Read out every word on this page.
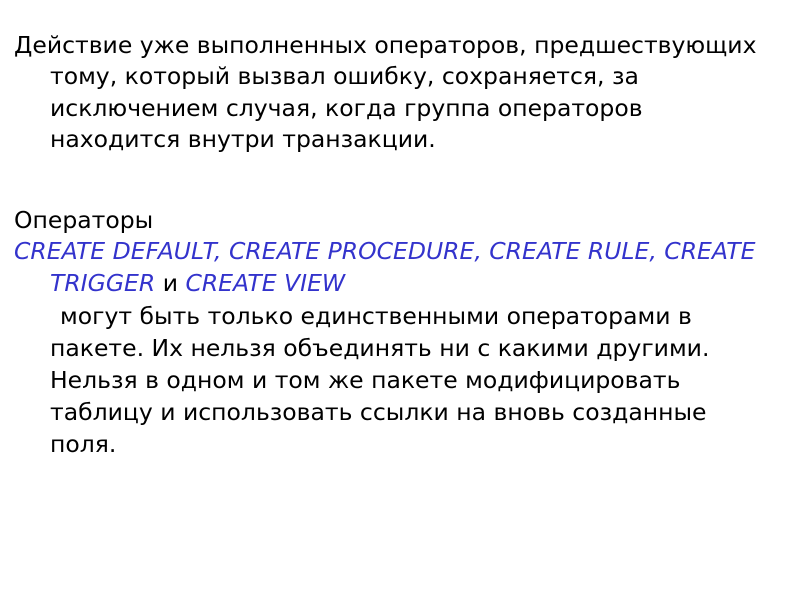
Действие уже выполненных операторов, предшествующих тому, который вызвал ошибку, сохраняется, за исключением случая, когда группа операторов находится внутри транзакции.

Операторы

CREATE DEFAULT, CREATE PROCEDURE, CREATE RULE, CREATE TRIGGER и CREATE VIEW

могут быть только единственными операторами в пакете. Их нельзя объединять ни с какими другими. Нельзя в одном и том же пакете модифицировать таблицу и использовать ссылки на вновь созданные поля.
